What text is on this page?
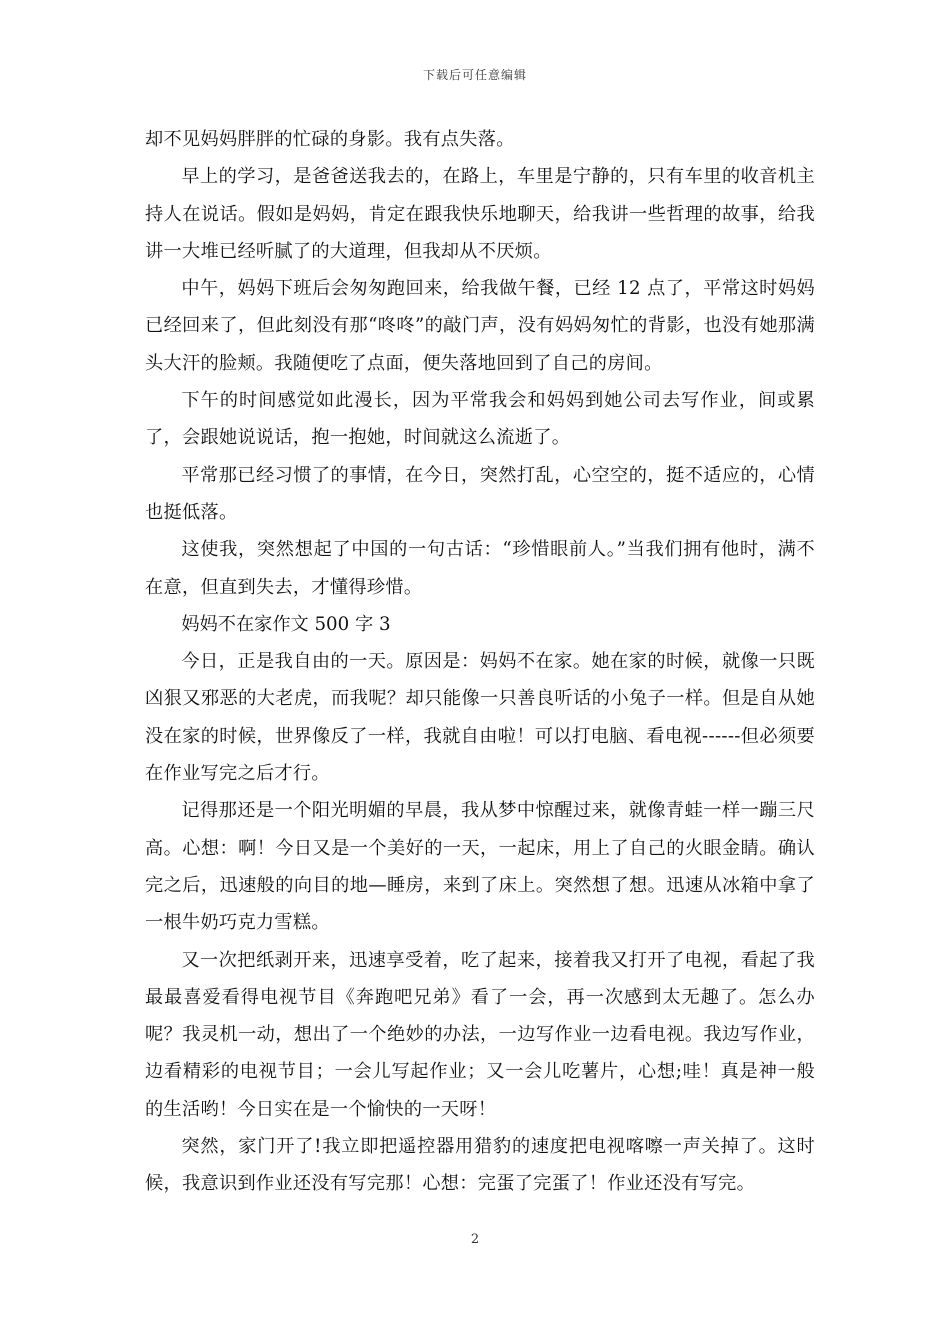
下载后可任意编辑

却不见妈妈胖胖的忙碌的身影。我有点失落。

早上的学习，是爸爸送我去的，在路上，车里是宁静的，只有车里的收音机主持人在说话。假如是妈妈，肯定在跟我快乐地聊天，给我讲一些哲理的故事，给我讲一大堆已经听腻了的大道理，但我却从不厌烦。

中午，妈妈下班后会匆匆跑回来，给我做午餐，已经 12 点了，平常这时妈妈已经回来了，但此刻没有那“咚咚”的敲门声，没有妈妈匆忙的背影，也没有她那满头大汗的脸颊。我随便吃了点面，便失落地回到了自己的房间。

下午的时间感觉如此漫长，因为平常我会和妈妈到她公司去写作业，间或累了，会跟她说说话，抱一抱她，时间就这么流逝了。

平常那已经习惯了的事情，在今日，突然打乱，心空空的，挺不适应的，心情也挺低落。

这使我，突然想起了中国的一句古话：“珍惜眼前人。”当我们拥有他时，满不在意，但直到失去，才懂得珍惜。

妈妈不在家作文 500 字 3

今日，正是我自由的一天。原因是：妈妈不在家。她在家的时候，就像一只既凶狠又邪恶的大老虎，而我呢？却只能像一只善良听话的小兔子一样。但是自从她没在家的时候，世界像反了一样，我就自由啦！可以打电脑、看电视------但必须要在作业写完之后才行。

记得那还是一个阳光明媚的早晨，我从梦中惊醒过来，就像青蛙一样一蹦三尺高。心想：啊！今日又是一个美好的一天，一起床，用上了自己的火眼金睛。确认完之后，迅速般的向目的地—睡房，来到了床上。突然想了想。迅速从冰箱中拿了一根牛奶巧克力雪糕。

又一次把纸剥开来，迅速享受着，吃了起来，接着我又打开了电视，看起了我最最喜爱看得电视节目《奔跑吧兄弟》看了一会，再一次感到太无趣了。怎么办呢？我灵机一动，想出了一个绝妙的办法，一边写作业一边看电视。我边写作业，边看精彩的电视节目；一会儿写起作业；又一会儿吃薯片，心想;哇！真是神一般的生活哟！今日实在是一个愉快的一天呀！

突然，家门开了!我立即把遥控器用猎豹的速度把电视喀嚓一声关掉了。这时候，我意识到作业还没有写完那！心想：完蛋了完蛋了！作业还没有写完。

2
